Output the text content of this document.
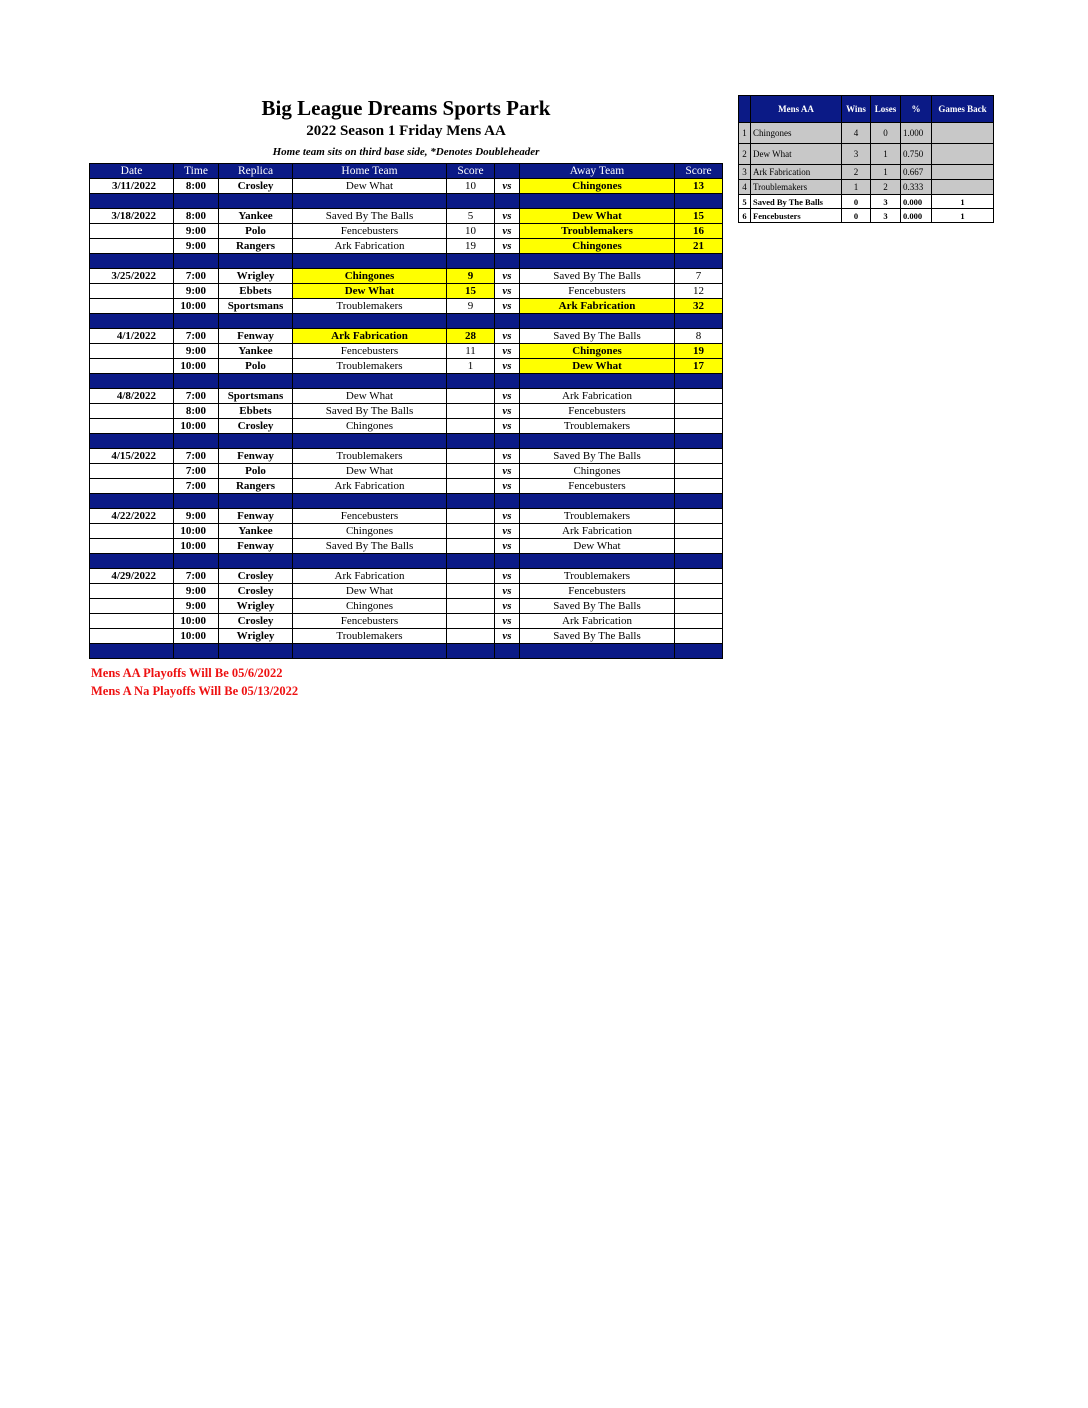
Big League Dreams Sports Park
2022 Season 1 Friday Mens AA
Home team sits on third base side, *Denotes Doubleheader
Date	Time	Replica	Home Team	Score		Away Team	Score
3/11/2022	8:00	Crosley	Dew What	10	vs	Chingones	13

3/18/2022	8:00	Yankee	Saved By The Balls	5	vs	Dew What	15
	9:00	Polo	Fencebusters	10	vs	Troublemakers	16
	9:00	Rangers	Ark Fabrication	19	vs	Chingones	21

3/25/2022	7:00	Wrigley	Chingones	9	vs	Saved By The Balls	7
	9:00	Ebbets	Dew What	15	vs	Fencebusters	12
	10:00	Sportsmans	Troublemakers	9	vs	Ark Fabrication	32

4/1/2022	7:00	Fenway	Ark Fabrication	28	vs	Saved By The Balls	8
	9:00	Yankee	Fencebusters	11	vs	Chingones	19
	10:00	Polo	Troublemakers	1	vs	Dew What	17

4/8/2022	7:00	Sportsmans	Dew What		vs	Ark Fabrication	
	8:00	Ebbets	Saved By The Balls		vs	Fencebusters	
	10:00	Crosley	Chingones		vs	Troublemakers	

4/15/2022	7:00	Fenway	Troublemakers		vs	Saved By The Balls	
	7:00	Polo	Dew What		vs	Chingones	
	7:00	Rangers	Ark Fabrication		vs	Fencebusters	

4/22/2022	9:00	Fenway	Fencebusters		vs	Troublemakers	
	10:00	Yankee	Chingones		vs	Ark Fabrication	
	10:00	Fenway	Saved By The Balls		vs	Dew What	

4/29/2022	7:00	Crosley	Ark Fabrication		vs	Troublemakers	
	9:00	Crosley	Dew What		vs	Fencebusters	
	9:00	Wrigley	Chingones		vs	Saved By The Balls	
	10:00	Crosley	Fencebusters		vs	Ark Fabrication	
	10:00	Wrigley	Troublemakers		vs	Saved By The Balls	

	Mens AA	Wins	Loses	%	Games Back
1	Chingones	4	0	1.000	
2	Dew What	3	1	0.750	
3	Ark Fabrication	2	1	0.667	
4	Troublemakers	1	2	0.333	
5	Saved By The Balls	0	3	0.000	1
6	Fencebusters	0	3	0.000	1
Mens AA Playoffs Will Be 05/6/2022
Mens A Na Playoffs Will Be 05/13/2022
